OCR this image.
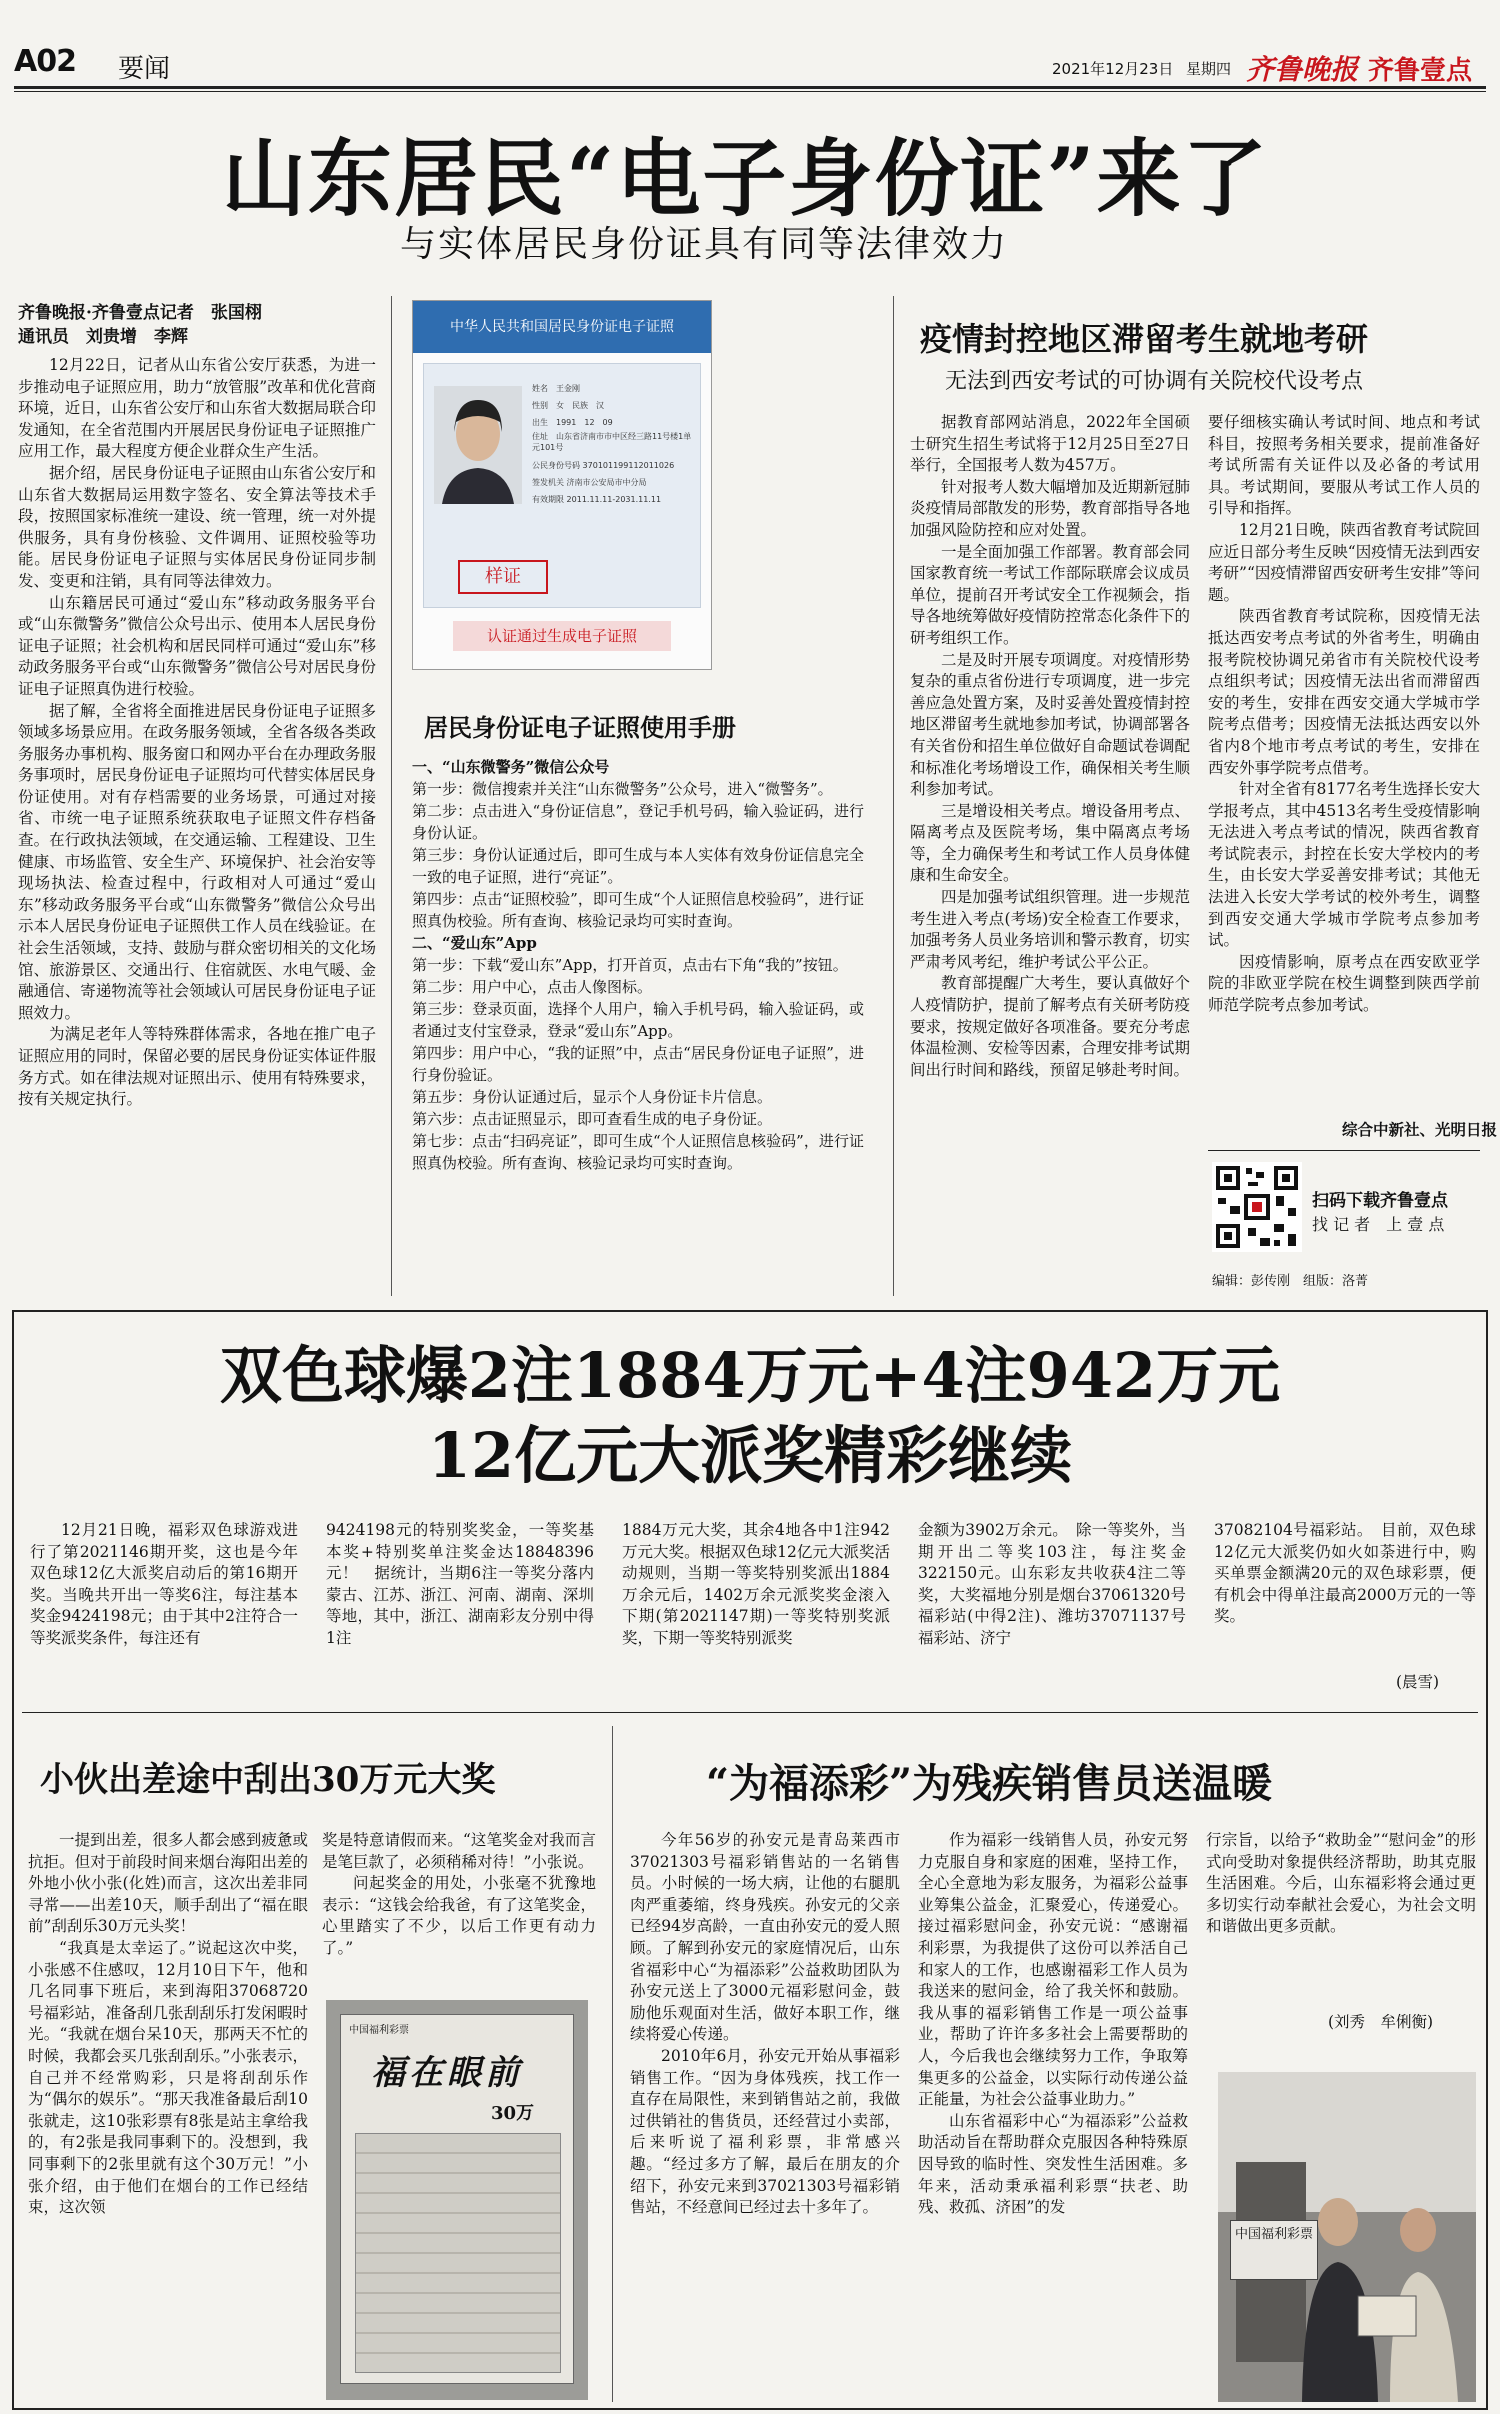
A02 要闻	2021年12月23日 星期四 齐鲁晚报 齐鲁壹点
山东居民“电子身份证”来了
与实体居民身份证具有同等法律效力
齐鲁晚报·齐鲁壹点记者　张国栩
通讯员　刘贵增　李辉

12月22日，记者从山东省公安厅获悉，为进一步推动电子证照应用，助力“放管服”改革和优化营商环境，近日，山东省公安厅和山东省大数据局联合印发通知，在全省范围内开展居民身份证电子证照推广应用工作，最大程度方便企业群众生产生活。

据介绍，居民身份证电子证照由山东省公安厅和山东省大数据局运用数字签名、安全算法等技术手段，按照国家标准统一建设、统一管理，统一对外提供服务，具有身份核验、文件调用、证照校验等功能。居民身份证电子证照与实体居民身份证同步制发、变更和注销，具有同等法律效力。

山东籍居民可通过“爱山东”移动政务服务平台或“山东微警务”微信公众号出示、使用本人居民身份证电子证照；社会机构和居民同样可通过“爱山东”移动政务服务平台或“山东微警务”微信公号对居民身份证电子证照真伪进行校验。

据了解，全省将全面推进居民身份证电子证照多领域多场景应用。在政务服务领域，全省各级各类政务服务办事机构、服务窗口和网办平台在办理政务服务事项时，居民身份证电子证照均可代替实体居民身份证使用。对有存档需要的业务场景，可通过对接省、市统一电子证照系统获取电子证照文件存档备查。在行政执法领域，在交通运输、工程建设、卫生健康、市场监管、安全生产、环境保护、社会治安等现场执法、检查过程中，行政相对人可通过“爱山东”移动政务服务平台或“山东微警务”微信公众号出示本人居民身份证电子证照供工作人员在线验证。在社会生活领域，支持、鼓励与群众密切相关的文化场馆、旅游景区、交通出行、住宿就医、水电气暖、金融通信、寄递物流等社会领域认可居民身份证电子证照效力。

为满足老年人等特殊群体需求，各地在推广电子证照应用的同时，保留必要的居民身份证实体证件服务方式。如在律法规对证照出示、使用有特殊要求，按有关规定执行。

中华人民共和国居民身份证电子证照
姓名　 王金刚
性别　 女　 民族　 汉
出生　 1991　12　09
住址　 山东省济南市市中区经三路11号楼1单元101号
公民身份号码 370101199112011026
签发机关 济南市公安局市中分局
有效期限 2011.11.11-2031.11.11
样证
认证通过生成电子证照
居民身份证电子证照使用手册

一、“山东微警务”微信公众号

第一步：微信搜索并关注“山东微警务”公众号，进入“微警务”。

第二步：点击进入“身份证信息”，登记手机号码，输入验证码，进行身份认证。

第三步：身份认证通过后，即可生成与本人实体有效身份证信息完全一致的电子证照，进行“亮证”。

第四步：点击“证照校验”，即可生成“个人证照信息校验码”，进行证照真伪校验。所有查询、核验记录均可实时查询。

二、“爱山东”App

第一步：下载“爱山东”App，打开首页，点击右下角“我的”按钮。

第二步：用户中心，点击人像图标。

第三步：登录页面，选择个人用户，输入手机号码，输入验证码，或者通过支付宝登录，登录“爱山东”App。

第四步：用户中心，“我的证照”中，点击“居民身份证电子证照”，进行身份验证。

第五步：身份认证通过后，显示个人身份证卡片信息。

第六步：点击证照显示，即可查看生成的电子身份证。

第七步：点击“扫码亮证”，即可生成“个人证照信息核验码”，进行证照真伪校验。所有查询、核验记录均可实时查询。

疫情封控地区滞留考生就地考研
无法到西安考试的可协调有关院校代设考点

据教育部网站消息，2022年全国硕士研究生招生考试将于12月25日至27日举行，全国报考人数为457万。

针对报考人数大幅增加及近期新冠肺炎疫情局部散发的形势，教育部指导各地加强风险防控和应对处置。

一是全面加强工作部署。教育部会同国家教育统一考试工作部际联席会议成员单位，提前召开考试安全工作视频会，指导各地统筹做好疫情防控常态化条件下的研考组织工作。

二是及时开展专项调度。对疫情形势复杂的重点省份进行专项调度，进一步完善应急处置方案，及时妥善处置疫情封控地区滞留考生就地参加考试，协调部署各有关省份和招生单位做好自命题试卷调配和标准化考场增设工作，确保相关考生顺利参加考试。

三是增设相关考点。增设备用考点、隔离考点及医院考场，集中隔离点考场等，全力确保考生和考试工作人员身体健康和生命安全。

四是加强考试组织管理。进一步规范考生进入考点(考场)安全检查工作要求，加强考务人员业务培训和警示教育，切实严肃考风考纪，维护考试公平公正。

教育部提醒广大考生，要认真做好个人疫情防护，提前了解考点有关研考防疫要求，按规定做好各项准备。要充分考虑体温检测、安检等因素，合理安排考试期间出行时间和路线，预留足够赴考时间。

要仔细核实确认考试时间、地点和考试科目，按照考务相关要求，提前准备好考试所需有关证件以及必备的考试用具。考试期间，要服从考试工作人员的引导和指挥。

12月21日晚，陕西省教育考试院回应近日部分考生反映“因疫情无法到西安考研”“因疫情滞留西安研考生安排”等问题。

陕西省教育考试院称，因疫情无法抵达西安考点考试的外省考生，明确由报考院校协调兄弟省市有关院校代设考点组织考试；因疫情无法出省而滞留西安的考生，安排在西安交通大学城市学院考点借考；因疫情无法抵达西安以外省内8个地市考点考试的考生，安排在西安外事学院考点借考。

针对全省有8177名考生选择长安大学报考点，其中4513名考生受疫情影响无法进入考点考试的情况，陕西省教育考试院表示，封控在长安大学校内的考生，由长安大学妥善安排考试；其他无法进入长安大学考试的校外考生，调整到西安交通大学城市学院考点参加考试。

因疫情影响，原考点在西安欧亚学院的非欧亚学院在校生调整到陕西学前师范学院考点参加考试。

综合中新社、光明日报
扫码下载齐鲁壹点
找 记 者　上 壹 点
编辑：彭传刚　组版：洛菁
双色球爆2注1884万元+4注942万元
12亿元大派奖精彩继续

12月21日晚，福彩双色球游戏进行了第2021146期开奖，这也是今年双色球12亿大派奖启动后的第16期开奖。当晚共开出一等奖6注，每注基本奖金9424198元；由于其中2注符合一等奖派奖条件，每注还有

9424198元的特别奖奖金，一等奖基本奖+特别奖单注奖金达18848396元！　据统计，当期6注一等奖分落内蒙古、江苏、浙江、河南、湖南、深圳等地，其中，浙江、湖南彩友分别中得1注

1884万元大奖，其余4地各中1注942万元大奖。根据双色球12亿元大派奖活动规则，当期一等奖特别奖派出1884万余元后，1402万余元派奖奖金滚入下期(第2021147期)一等奖特别奖派奖，下期一等奖特别派奖

金额为3902万余元。　除一等奖外，当期开出二等奖103注，每注奖金322150元。山东彩友共收获4注二等奖，大奖福地分别是烟台37061320号福彩站(中得2注)、潍坊37071137号福彩站、济宁

37082104号福彩站。　目前，双色球12亿元大派奖仍如火如荼进行中，购买单票金额满20元的双色球彩票，便有机会中得单注最高2000万元的一等奖。

(晨雪)
小伙出差途中刮出30万元大奖

一提到出差，很多人都会感到疲惫或抗拒。但对于前段时间来烟台海阳出差的外地小伙小张(化姓)而言，这次出差非同寻常——出差10天，顺手刮出了“福在眼前”刮刮乐30万元头奖！

“我真是太幸运了。”说起这次中奖，小张感不住感叹，12月10日下午，他和几名同事下班后，来到海阳37068720号福彩站，准备刮几张刮刮乐打发闲暇时光。“我就在烟台呆10天，那两天不忙的时候，我都会买几张刮刮乐。”小张表示，自己并不经常购彩，只是将刮刮乐作为“偶尔的娱乐”。“那天我准备最后刮10张就走，这10张彩票有8张是站主拿给我的，有2张是我同事剩下的。没想到，我同事剩下的2张里就有这个30万元！”小张介绍，由于他们在烟台的工作已经结束，这次领

奖是特意请假而来。“这笔奖金对我而言是笔巨款了，必须稍稀对待！”小张说。

问起奖金的用处，小张毫不犹豫地表示：“这钱会给我爸，有了这笔奖金，心里踏实了不少，以后工作更有动力了。”

中国福利彩票
福在眼前
30万
“为福添彩”为残疾销售员送温暖

今年56岁的孙安元是青岛莱西市37021303号福彩销售站的一名销售员。小时候的一场大病，让他的右腿肌肉严重萎缩，终身残疾。孙安元的父亲已经94岁高龄，一直由孙安元的爱人照顾。了解到孙安元的家庭情况后，山东省福彩中心“为福添彩”公益救助团队为孙安元送上了3000元福彩慰问金，鼓励他乐观面对生活，做好本职工作，继续将爱心传递。

2010年6月，孙安元开始从事福彩销售工作。“因为身体残疾，找工作一直存在局限性，来到销售站之前，我做过供销社的售货员，还经营过小卖部，后来听说了福利彩票，非常感兴趣。“经过多方了解，最后在朋友的介绍下，孙安元来到37021303号福彩销售站，不经意间已经过去十多年了。

作为福彩一线销售人员，孙安元努力克服自身和家庭的困难，坚持工作，全心全意地为彩友服务，为福彩公益事业筹集公益金，汇聚爱心，传递爱心。接过福彩慰问金，孙安元说：“感谢福利彩票，为我提供了这份可以养活自己和家人的工作，也感谢福彩工作人员为我送来的慰问金，给了我关怀和鼓励。我从事的福彩销售工作是一项公益事业，帮助了许许多多社会上需要帮助的人，今后我也会继续努力工作，争取筹集更多的公益金，以实际行动传递公益正能量，为社会公益事业助力。”

山东省福彩中心“为福添彩”公益救助活动旨在帮助群众克服因各种特殊原因导致的临时性、突发性生活困难。多年来，活动秉承福利彩票“扶老、助残、救孤、济困”的发

行宗旨，以给予“救助金”“慰问金”的形式向受助对象提供经济帮助，助其克服生活困难。今后，山东福彩将会通过更多切实行动奉献社会爱心，为社会文明和谐做出更多贡献。

(刘秀　牟俐衡)
中国福利彩票
